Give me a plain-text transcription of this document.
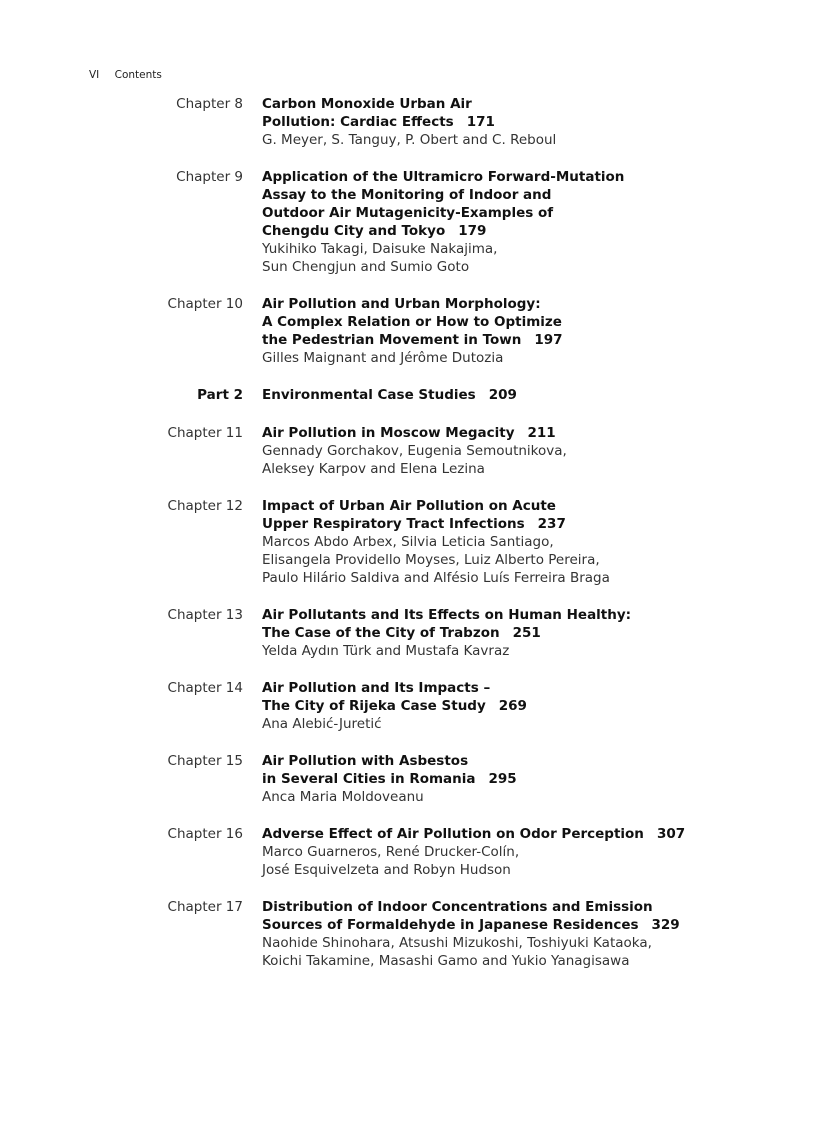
VI Contents
Chapter 8 Carbon Monoxide Urban Air
Pollution: Cardiac Effects 171
G. Meyer, S. Tanguy, P. Obert and C. Reboul
Chapter 9 Application of the Ultramicro Forward-Mutation
Assay to the Monitoring of Indoor and
Outdoor Air Mutagenicity-Examples of
Chengdu City and Tokyo 179
Yukihiko Takagi, Daisuke Nakajima,
Sun Chengjun and Sumio Goto
Chapter 10 Air Pollution and Urban Morphology:
A Complex Relation or How to Optimize
the Pedestrian Movement in Town 197
Gilles Maignant and Jérôme Dutozia
Part 2 Environmental Case Studies 209
Chapter 11 Air Pollution in Moscow Megacity 211
Gennady Gorchakov, Eugenia Semoutnikova,
Aleksey Karpov and Elena Lezina
Chapter 12 Impact of Urban Air Pollution on Acute
Upper Respiratory Tract Infections 237
Marcos Abdo Arbex, Silvia Leticia Santiago,
Elisangela Providello Moyses, Luiz Alberto Pereira,
Paulo Hilário Saldiva and Alfésio Luís Ferreira Braga
Chapter 13 Air Pollutants and Its Effects on Human Healthy:
The Case of the City of Trabzon 251
Yelda Aydın Türk and Mustafa Kavraz
Chapter 14 Air Pollution and Its Impacts –
The City of Rijeka Case Study 269
Ana Alebić-Juretić
Chapter 15 Air Pollution with Asbestos
in Several Cities in Romania 295
Anca Maria Moldoveanu
Chapter 16 Adverse Effect of Air Pollution on Odor Perception 307
Marco Guarneros, René Drucker-Colín,
José Esquivelzeta and Robyn Hudson
Chapter 17 Distribution of Indoor Concentrations and Emission
Sources of Formaldehyde in Japanese Residences 329
Naohide Shinohara, Atsushi Mizukoshi, Toshiyuki Kataoka,
Koichi Takamine, Masashi Gamo and Yukio Yanagisawa
